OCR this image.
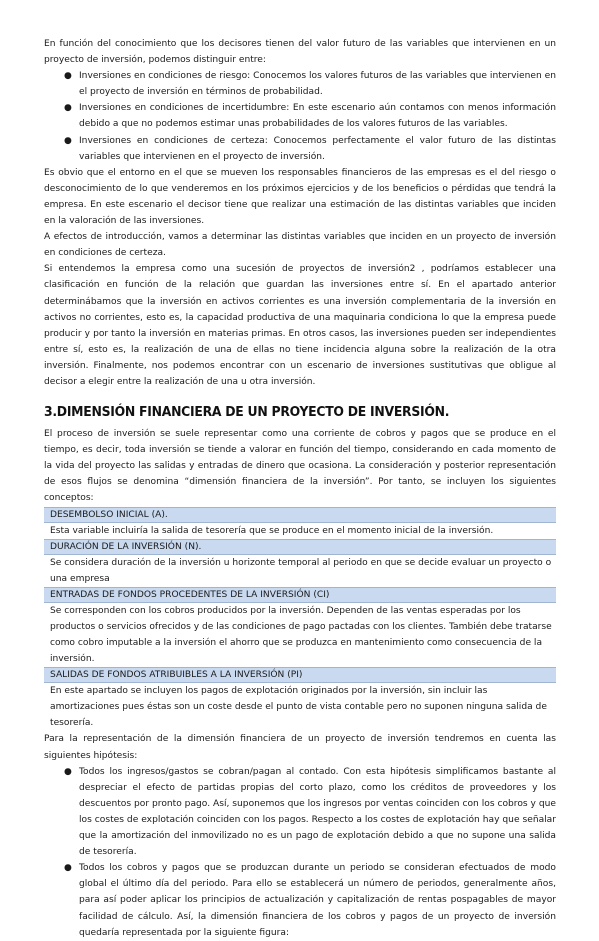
En función del conocimiento que los decisores tienen del valor futuro de las variables que intervienen en un proyecto de inversión, podemos distinguir entre:

● Inversiones en condiciones de riesgo: Conocemos los valores futuros de las variables que intervienen en el proyecto de inversión en términos de probabilidad.
● Inversiones en condiciones de incertidumbre: En este escenario aún contamos con menos información debido a que no podemos estimar unas probabilidades de los valores futuros de las variables.
● Inversiones en condiciones de certeza: Conocemos perfectamente el valor futuro de las distintas variables que intervienen en el proyecto de inversión.

Es obvio que el entorno en el que se mueven los responsables financieros de las empresas es el del riesgo o desconocimiento de lo que venderemos en los próximos ejercicios y de los beneficios o pérdidas que tendrá la empresa. En este escenario el decisor tiene que realizar una estimación de las distintas variables que inciden en la valoración de las inversiones.

A efectos de introducción, vamos a determinar las distintas variables que inciden en un proyecto de inversión en condiciones de certeza.

Si entendemos la empresa como una sucesión de proyectos de inversión2 , podríamos establecer una clasificación en función de la relación que guardan las inversiones entre sí. En el apartado anterior determinábamos que la inversión en activos corrientes es una inversión complementaria de la inversión en activos no corrientes, esto es, la capacidad productiva de una maquinaria condiciona lo que la empresa puede producir y por tanto la inversión en materias primas. En otros casos, las inversiones pueden ser independientes entre sí, esto es, la realización de una de ellas no tiene incidencia alguna sobre la realización de la otra inversión. Finalmente, nos podemos encontrar con un escenario de inversiones sustitutivas que obligue al decisor a elegir entre la realización de una u otra inversión.

3.DIMENSIÓN FINANCIERA DE UN PROYECTO DE INVERSIÓN.

El proceso de inversión se suele representar como una corriente de cobros y pagos que se produce en el tiempo, es decir, toda inversión se tiende a valorar en función del tiempo, considerando en cada momento de la vida del proyecto las salidas y entradas de dinero que ocasiona. La consideración y posterior representación de esos flujos se denomina “dimensión financiera de la inversión”. Por tanto, se incluyen los siguientes conceptos:

DESEMBOLSO INICIAL (A).

Esta variable incluiría la salida de tesorería que se produce en el momento inicial de la inversión.

DURACIÓN DE LA INVERSIÓN (N).

Se considera duración de la inversión u horizonte temporal al periodo en que se decide evaluar un proyecto o una empresa

ENTRADAS DE FONDOS PROCEDENTES DE LA INVERSIÓN (CI)

Se corresponden con los cobros producidos por la inversión. Dependen de las ventas esperadas por los productos o servicios ofrecidos y de las condiciones de pago pactadas con los clientes. También debe tratarse como cobro imputable a la inversión el ahorro que se produzca en mantenimiento como consecuencia de la inversión.

SALIDAS DE FONDOS ATRIBUIBLES A LA INVERSIÓN (PI)

En este apartado se incluyen los pagos de explotación originados por la inversión, sin incluir las amortizaciones pues éstas son un coste desde el punto de vista contable pero no suponen ninguna salida de tesorería.

Para la representación de la dimensión financiera de un proyecto de inversión tendremos en cuenta las siguientes hipótesis:

● Todos los ingresos/gastos se cobran/pagan al contado. Con esta hipótesis simplificamos bastante al despreciar el efecto de partidas propias del corto plazo, como los créditos de proveedores y los descuentos por pronto pago. Así, suponemos que los ingresos por ventas coinciden con los cobros y que los costes de explotación coinciden con los pagos. Respecto a los costes de explotación hay que señalar que la amortización del inmovilizado no es un pago de explotación debido a que no supone una salida de tesorería.
● Todos los cobros y pagos que se produzcan durante un periodo se consideran efectuados de modo global el último día del periodo. Para ello se establecerá un número de periodos, generalmente años, para así poder aplicar los principios de actualización y capitalización de rentas pospagables de mayor facilidad de cálculo. Así, la dimensión financiera de los cobros y pagos de un proyecto de inversión quedaría representada por la siguiente figura:
